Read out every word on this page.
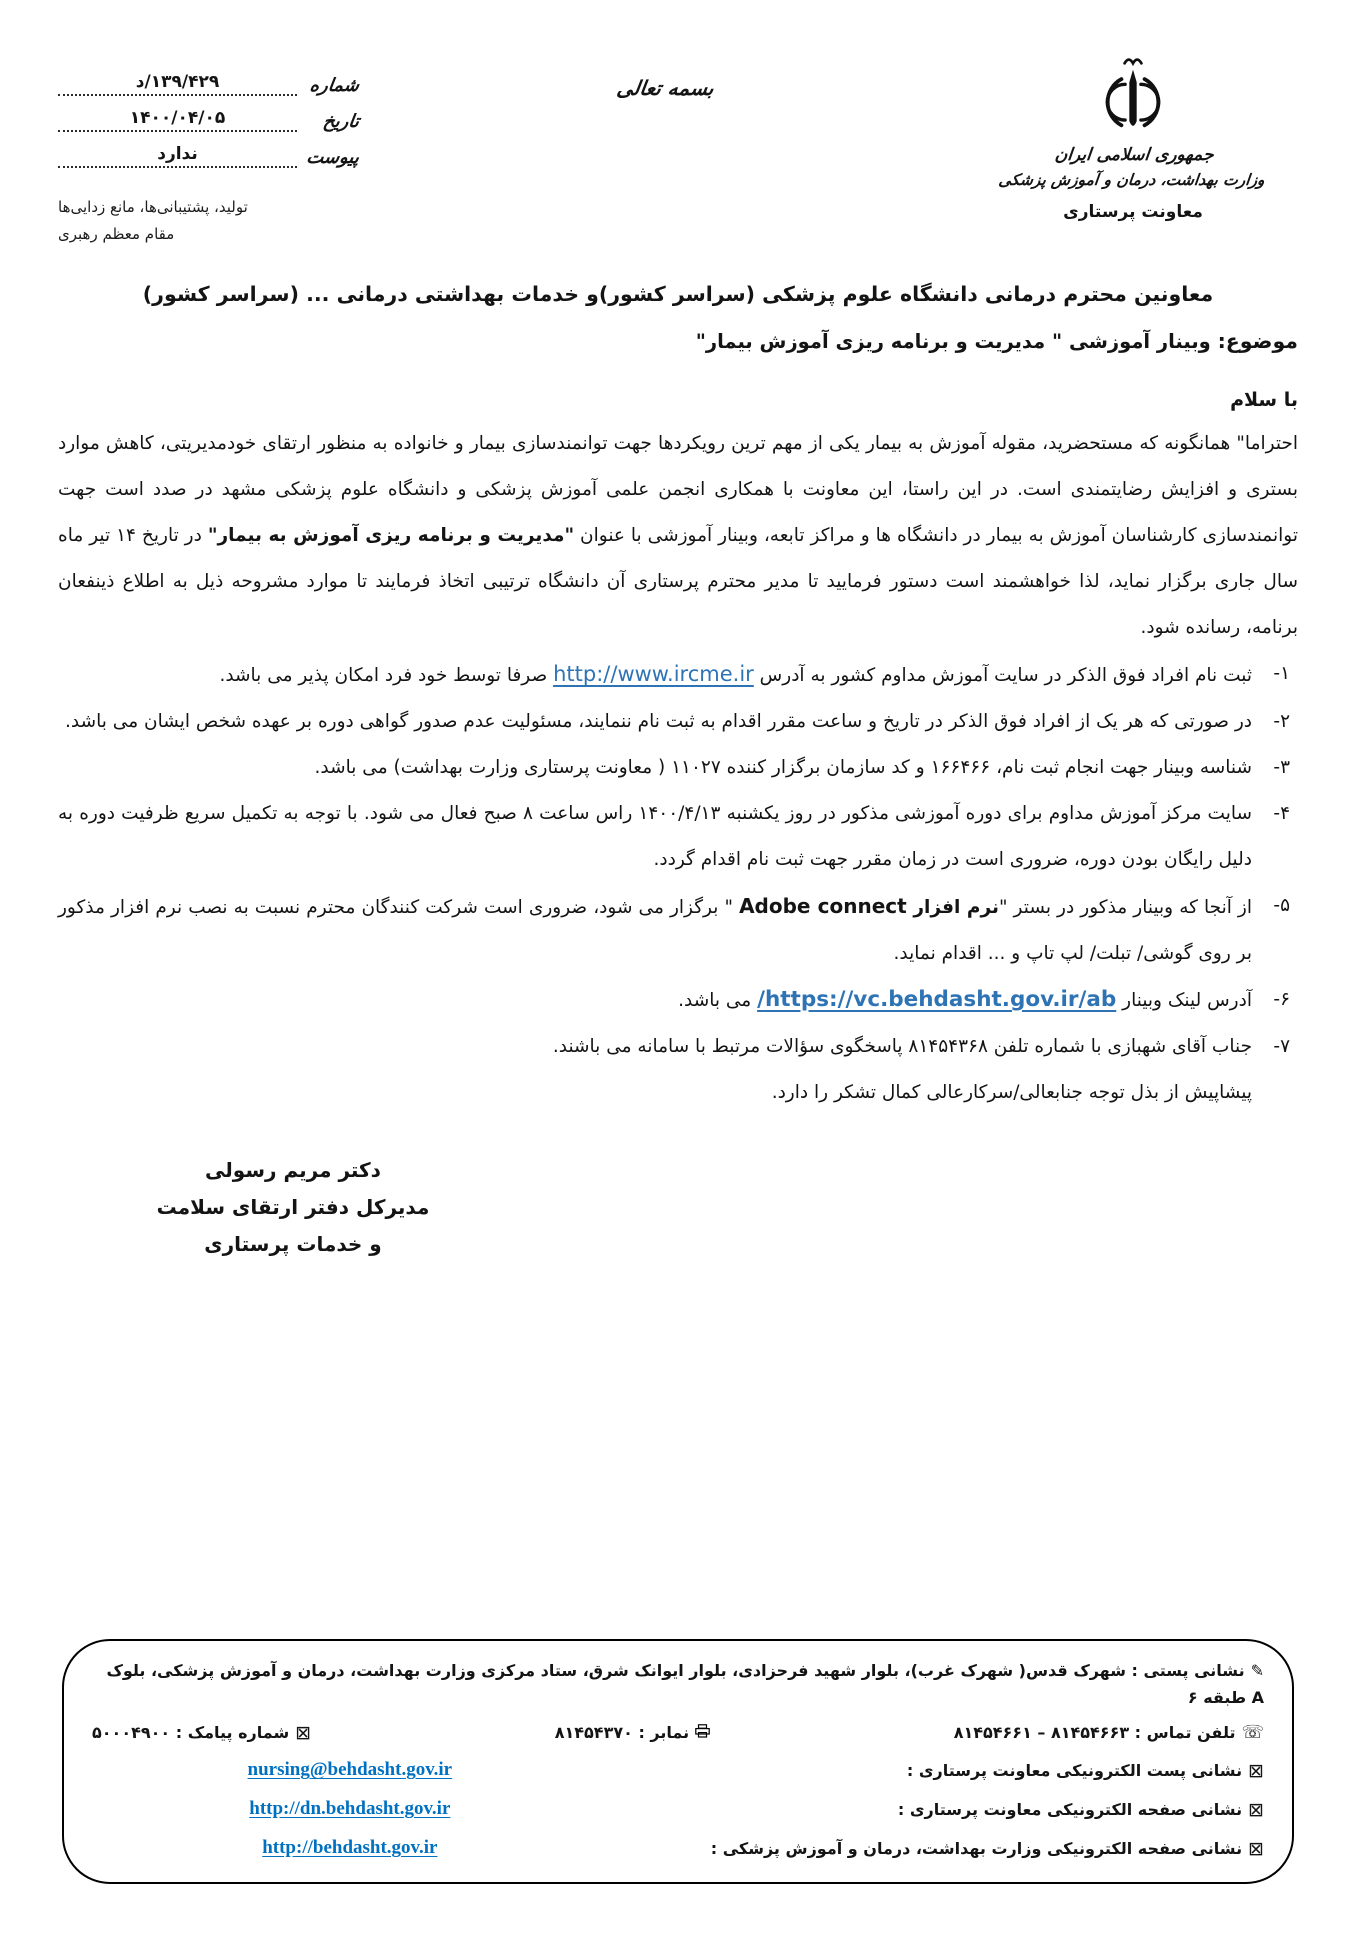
جمهوری اسلامی ایران
وزارت بهداشت، درمان و آموزش پزشکی
معاونت پرستاری
بسمه تعالی
شماره
۱۳۹/۴۲۹/د
تاریخ
۱۴۰۰/۰۴/۰۵
پیوست
ندارد
تولید، پشتیبانی‌ها، مانع زدایی‌ها
مقام معظم رهبری
معاونین محترم درمانی دانشگاه علوم پزشکی (سراسر کشور)و خدمات بهداشتی درمانی ... (سراسر کشور)
موضوع: وبینار آموزشی " مدیریت و برنامه ریزی آموزش بیمار"
با سلام
احتراما" همانگونه که مستحضرید، مقوله آموزش به بیمار یکی از مهم ترین رویکردها جهت توانمندسازی بیمار و خانواده به منظور ارتقای خودمدیریتی، کاهش موارد بستری و افزایش رضایتمندی است. در این راستا، این معاونت با همکاری انجمن علمی آموزش پزشکی و دانشگاه علوم پزشکی مشهد در صدد است جهت توانمندسازی کارشناسان آموزش به بیمار در دانشگاه ها و مراکز تابعه، وبینار آموزشی با عنوان "مدیریت و برنامه ریزی آموزش به بیمار" در تاریخ ۱۴ تیر ماه سال جاری برگزار نماید، لذا خواهشمند است دستور فرمایید تا مدیر محترم پرستاری آن دانشگاه ترتیبی اتخاذ فرمایند تا موارد مشروحه ذیل به اطلاع ذینفعان برنامه، رسانده شود.
۱-
ثبت نام افراد فوق الذکر در سایت آموزش مداوم کشور به آدرس http://www.ircme.ir صرفا توسط خود فرد امکان پذیر می باشد.
۲-
در صورتی که هر یک از افراد فوق الذکر در تاریخ و ساعت مقرر اقدام به ثبت نام ننمایند، مسئولیت عدم صدور گواهی دوره بر عهده شخص ایشان می باشد.
۳-
شناسه وبینار جهت انجام ثبت نام، ۱۶۶۴۶۶ و کد سازمان برگزار کننده ۱۱۰۲۷ ( معاونت پرستاری وزارت بهداشت) می باشد.
۴-
سایت مرکز آموزش مداوم برای دوره آموزشی مذکور در روز یکشنبه ۱۴۰۰/۴/۱۳ راس ساعت ۸ صبح فعال می شود. با توجه به تکمیل سریع ظرفیت دوره به دلیل رایگان بودن دوره، ضروری است در زمان مقرر جهت ثبت نام اقدام گردد.
۵-
از آنجا که وبینار مذکور در بستر "نرم افزار Adobe connect " برگزار می شود، ضروری است شرکت کنندگان محترم نسبت به نصب نرم افزار مذکور بر روی گوشی/ تبلت/ لپ تاپ و ... اقدام نماید.
۶-
آدرس لینک وبینار https://vc.behdasht.gov.ir/ab/ می باشد.
۷-
جناب آقای شهبازی با شماره تلفن ۸۱۴۵۴۳۶۸ پاسخگوی سؤالات مرتبط با سامانه می باشند.
پیشاپیش از بذل توجه جنابعالی/سرکارعالی کمال تشکر را دارد.
دکتر مریم رسولی
مدیرکل دفتر ارتقای سلامت
و خدمات پرستاری
✎نشانی پستی : شهرک قدس( شهرک غرب)، بلوار شهید فرحزادی، بلوار ایوانک شرق، ستاد مرکزی وزارت بهداشت، درمان و آموزش پزشکی، بلوک A طبقه ۶
☏تلفن تماس : ۸۱۴۵۴۶۶۳ – ۸۱۴۵۴۶۶۱
نمابر : ۸۱۴۵۴۳۷۰
⊠شماره پیامک : ۵۰۰۰۴۹۰۰
⊠نشانی پست الکترونیکی معاونت پرستاری :
nursing@behdasht.gov.ir
⊠نشانی صفحه الکترونیکی معاونت پرستاری :
http://dn.behdasht.gov.ir
⊠نشانی صفحه الکترونیکی وزارت بهداشت، درمان و آموزش پزشکی :
http://behdasht.gov.ir
